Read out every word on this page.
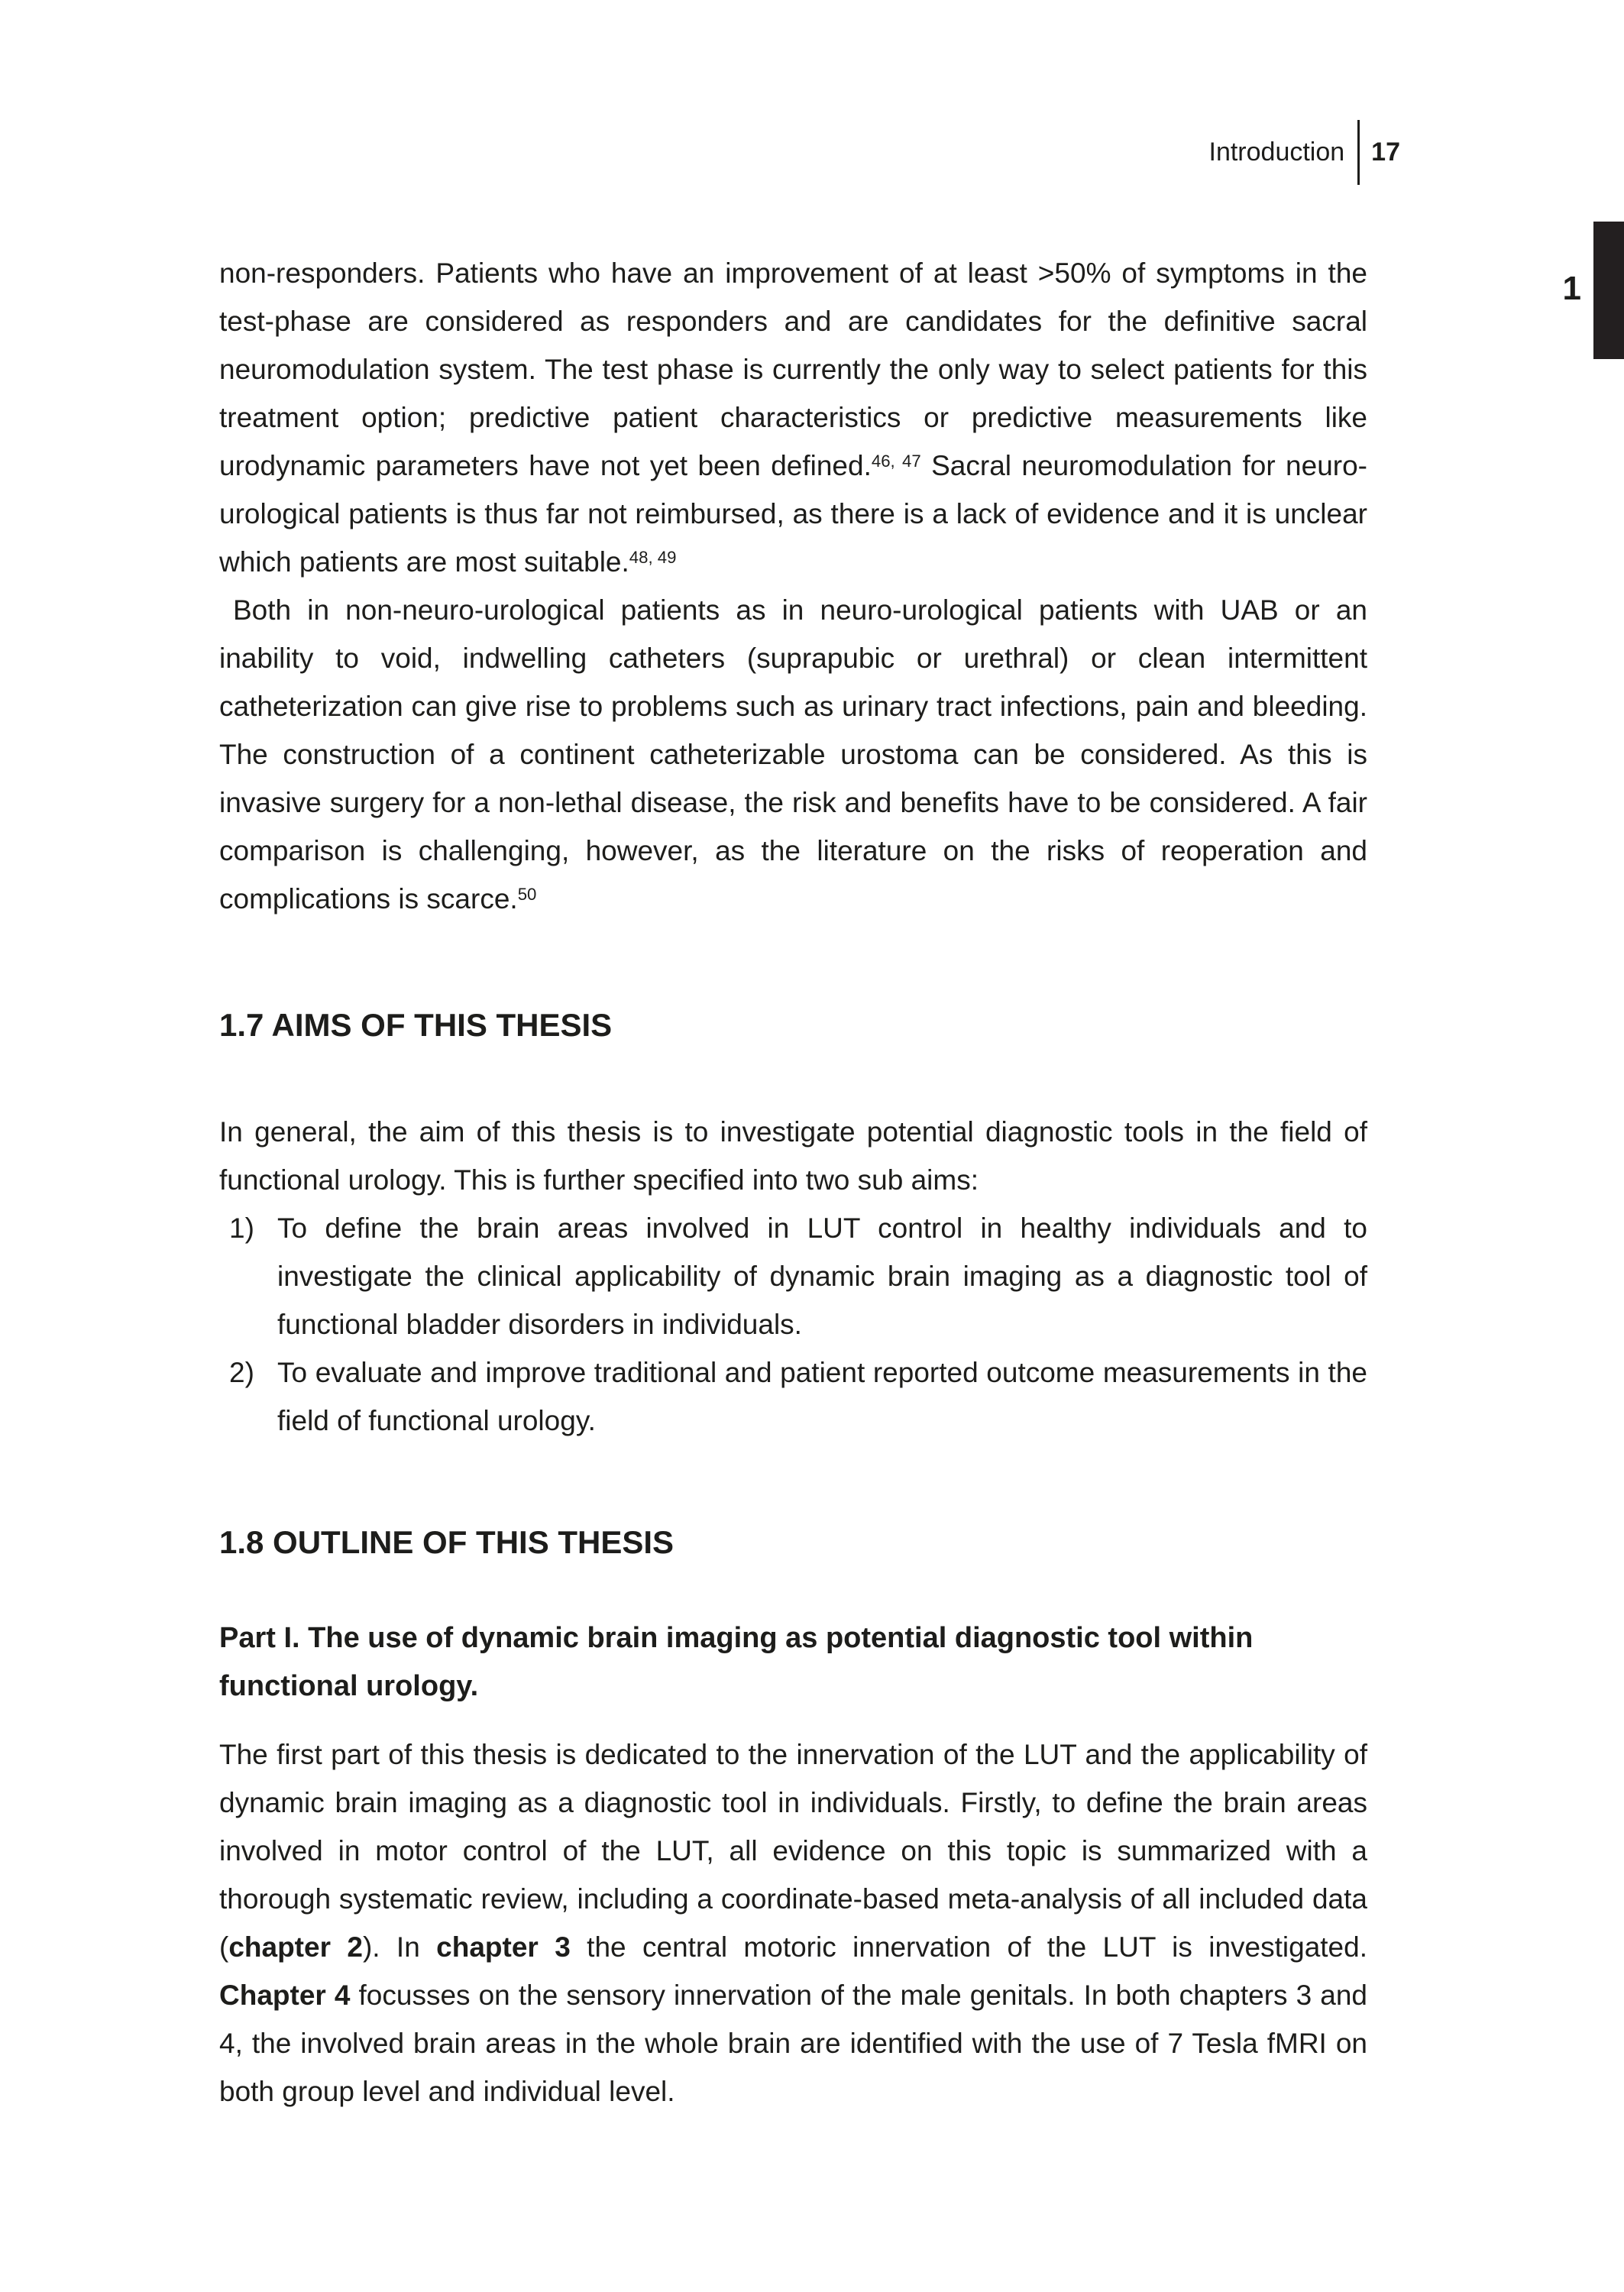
Introduction 17
1

non-responders. Patients who have an improvement of at least >50% of symptoms in the test-phase are considered as responders and are candidates for the definitive sacral neuromodulation system. The test phase is currently the only way to select patients for this treatment option; predictive patient characteristics or predictive measurements like urodynamic parameters have not yet been defined.$^{46, 47}$ Sacral neuromodulation for neuro-urological patients is thus far not reimbursed, as there is a lack of evidence and it is unclear which patients are most suitable.$^{48, 49}$

Both in non-neuro-urological patients as in neuro-urological patients with UAB or an inability to void, indwelling catheters (suprapubic or urethral) or clean intermittent catheterization can give rise to problems such as urinary tract infections, pain and bleeding. The construction of a continent catheterizable urostoma can be considered. As this is invasive surgery for a non-lethal disease, the risk and benefits have to be considered. A fair comparison is challenging, however, as the literature on the risks of reoperation and complications is scarce.$^{50}$

1.7 AIMS OF THIS THESIS

In general, the aim of this thesis is to investigate potential diagnostic tools in the field of functional urology. This is further specified into two sub aims:

1) To define the brain areas involved in LUT control in healthy individuals and to investigate the clinical applicability of dynamic brain imaging as a diagnostic tool of functional bladder disorders in individuals.
2) To evaluate and improve traditional and patient reported outcome measurements in the field of functional urology.
1.8 OUTLINE OF THIS THESIS
Part I. The use of dynamic brain imaging as potential diagnostic tool within functional urology.

The first part of this thesis is dedicated to the innervation of the LUT and the applicability of dynamic brain imaging as a diagnostic tool in individuals. Firstly, to define the brain areas involved in motor control of the LUT, all evidence on this topic is summarized with a thorough systematic review, including a coordinate-based meta-analysis of all included data (chapter 2). In chapter 3 the central motoric innervation of the LUT is investigated. Chapter 4 focusses on the sensory innervation of the male genitals. In both chapters 3 and 4, the involved brain areas in the whole brain are identified with the use of 7 Tesla fMRI on both group level and individual level.
